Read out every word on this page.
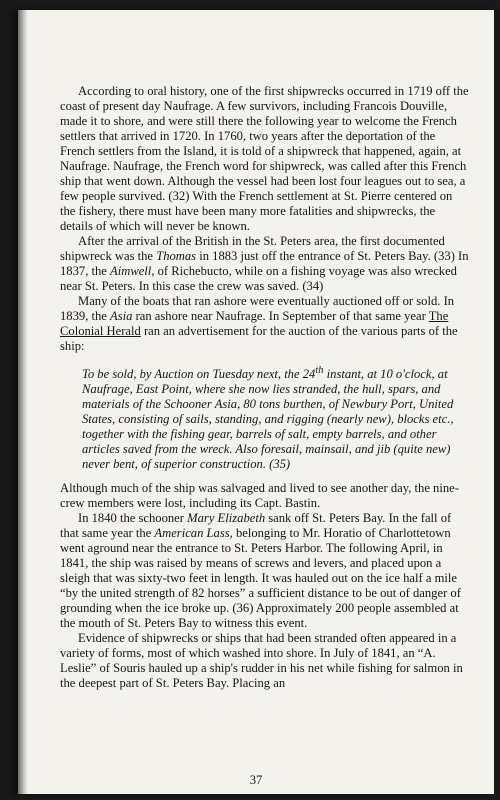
According to oral history, one of the first shipwrecks occurred in 1719 off the coast of present day Naufrage. A few survivors, including Francois Douville, made it to shore, and were still there the following year to welcome the French settlers that arrived in 1720. In 1760, two years after the deportation of the French settlers from the Island, it is told of a shipwreck that happened, again, at Naufrage. Naufrage, the French word for shipwreck, was called after this French ship that went down. Although the vessel had been lost four leagues out to sea, a few people survived. (32) With the French settlement at St. Pierre centered on the fishery, there must have been many more fatalities and shipwrecks, the details of which will never be known.

After the arrival of the British in the St. Peters area, the first documented shipwreck was the Thomas in 1883 just off the entrance of St. Peters Bay. (33) In 1837, the Aimwell, of Richebucto, while on a fishing voyage was also wrecked near St. Peters. In this case the crew was saved. (34)

Many of the boats that ran ashore were eventually auctioned off or sold. In 1839, the Asia ran ashore near Naufrage. In September of that same year The Colonial Herald ran an advertisement for the auction of the various parts of the ship:

To be sold, by Auction on Tuesday next, the 24th instant, at 10 o'clock, at Naufrage, East Point, where she now lies stranded, the hull, spars, and materials of the Schooner Asia, 80 tons burthen, of Newbury Port, United States, consisting of sails, standing, and rigging (nearly new), blocks etc., together with the fishing gear, barrels of salt, empty barrels, and other articles saved from the wreck. Also foresail, mainsail, and jib (quite new) never bent, of superior construction. (35)

Although much of the ship was salvaged and lived to see another day, the nine-crew members were lost, including its Capt. Bastin.

In 1840 the schooner Mary Elizabeth sank off St. Peters Bay. In the fall of that same year the American Lass, belonging to Mr. Horatio of Charlottetown went aground near the entrance to St. Peters Harbor. The following April, in 1841, the ship was raised by means of screws and levers, and placed upon a sleigh that was sixty-two feet in length. It was hauled out on the ice half a mile “by the united strength of 82 horses” a sufficient distance to be out of danger of grounding when the ice broke up. (36) Approximately 200 people assembled at the mouth of St. Peters Bay to witness this event.

Evidence of shipwrecks or ships that had been stranded often appeared in a variety of forms, most of which washed into shore. In July of 1841, an “A. Leslie” of Souris hauled up a ship's rudder in his net while fishing for salmon in the deepest part of St. Peters Bay. Placing an

37
